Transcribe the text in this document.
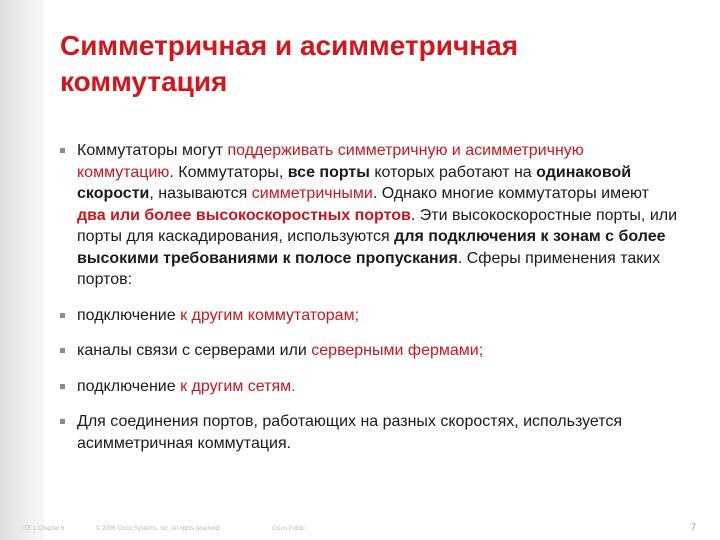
Симметричная и асимметричная
коммутация
Коммутаторы могут поддерживать симметричную и асимметричную коммутацию. Коммутаторы, все порты которых работают на одинаковой скорости, называются симметричными. Однако многие коммутаторы имеют два или более высокоскоростных портов. Эти высокоскоростные порты, или порты для каскадирования, используются для подключения к зонам с более высокими требованиями к полосе пропускания. Сферы применения таких портов:
подключение к другим коммутаторам;
каналы связи с серверами или серверными фермами;
подключение к другим сетям.
Для соединения портов, работающих на разных скоростях, используется асимметричная коммутация.
ITE 1 Chapter 6	© 2006 Cisco Systems, Inc. All rights reserved.	Cisco Public	7
